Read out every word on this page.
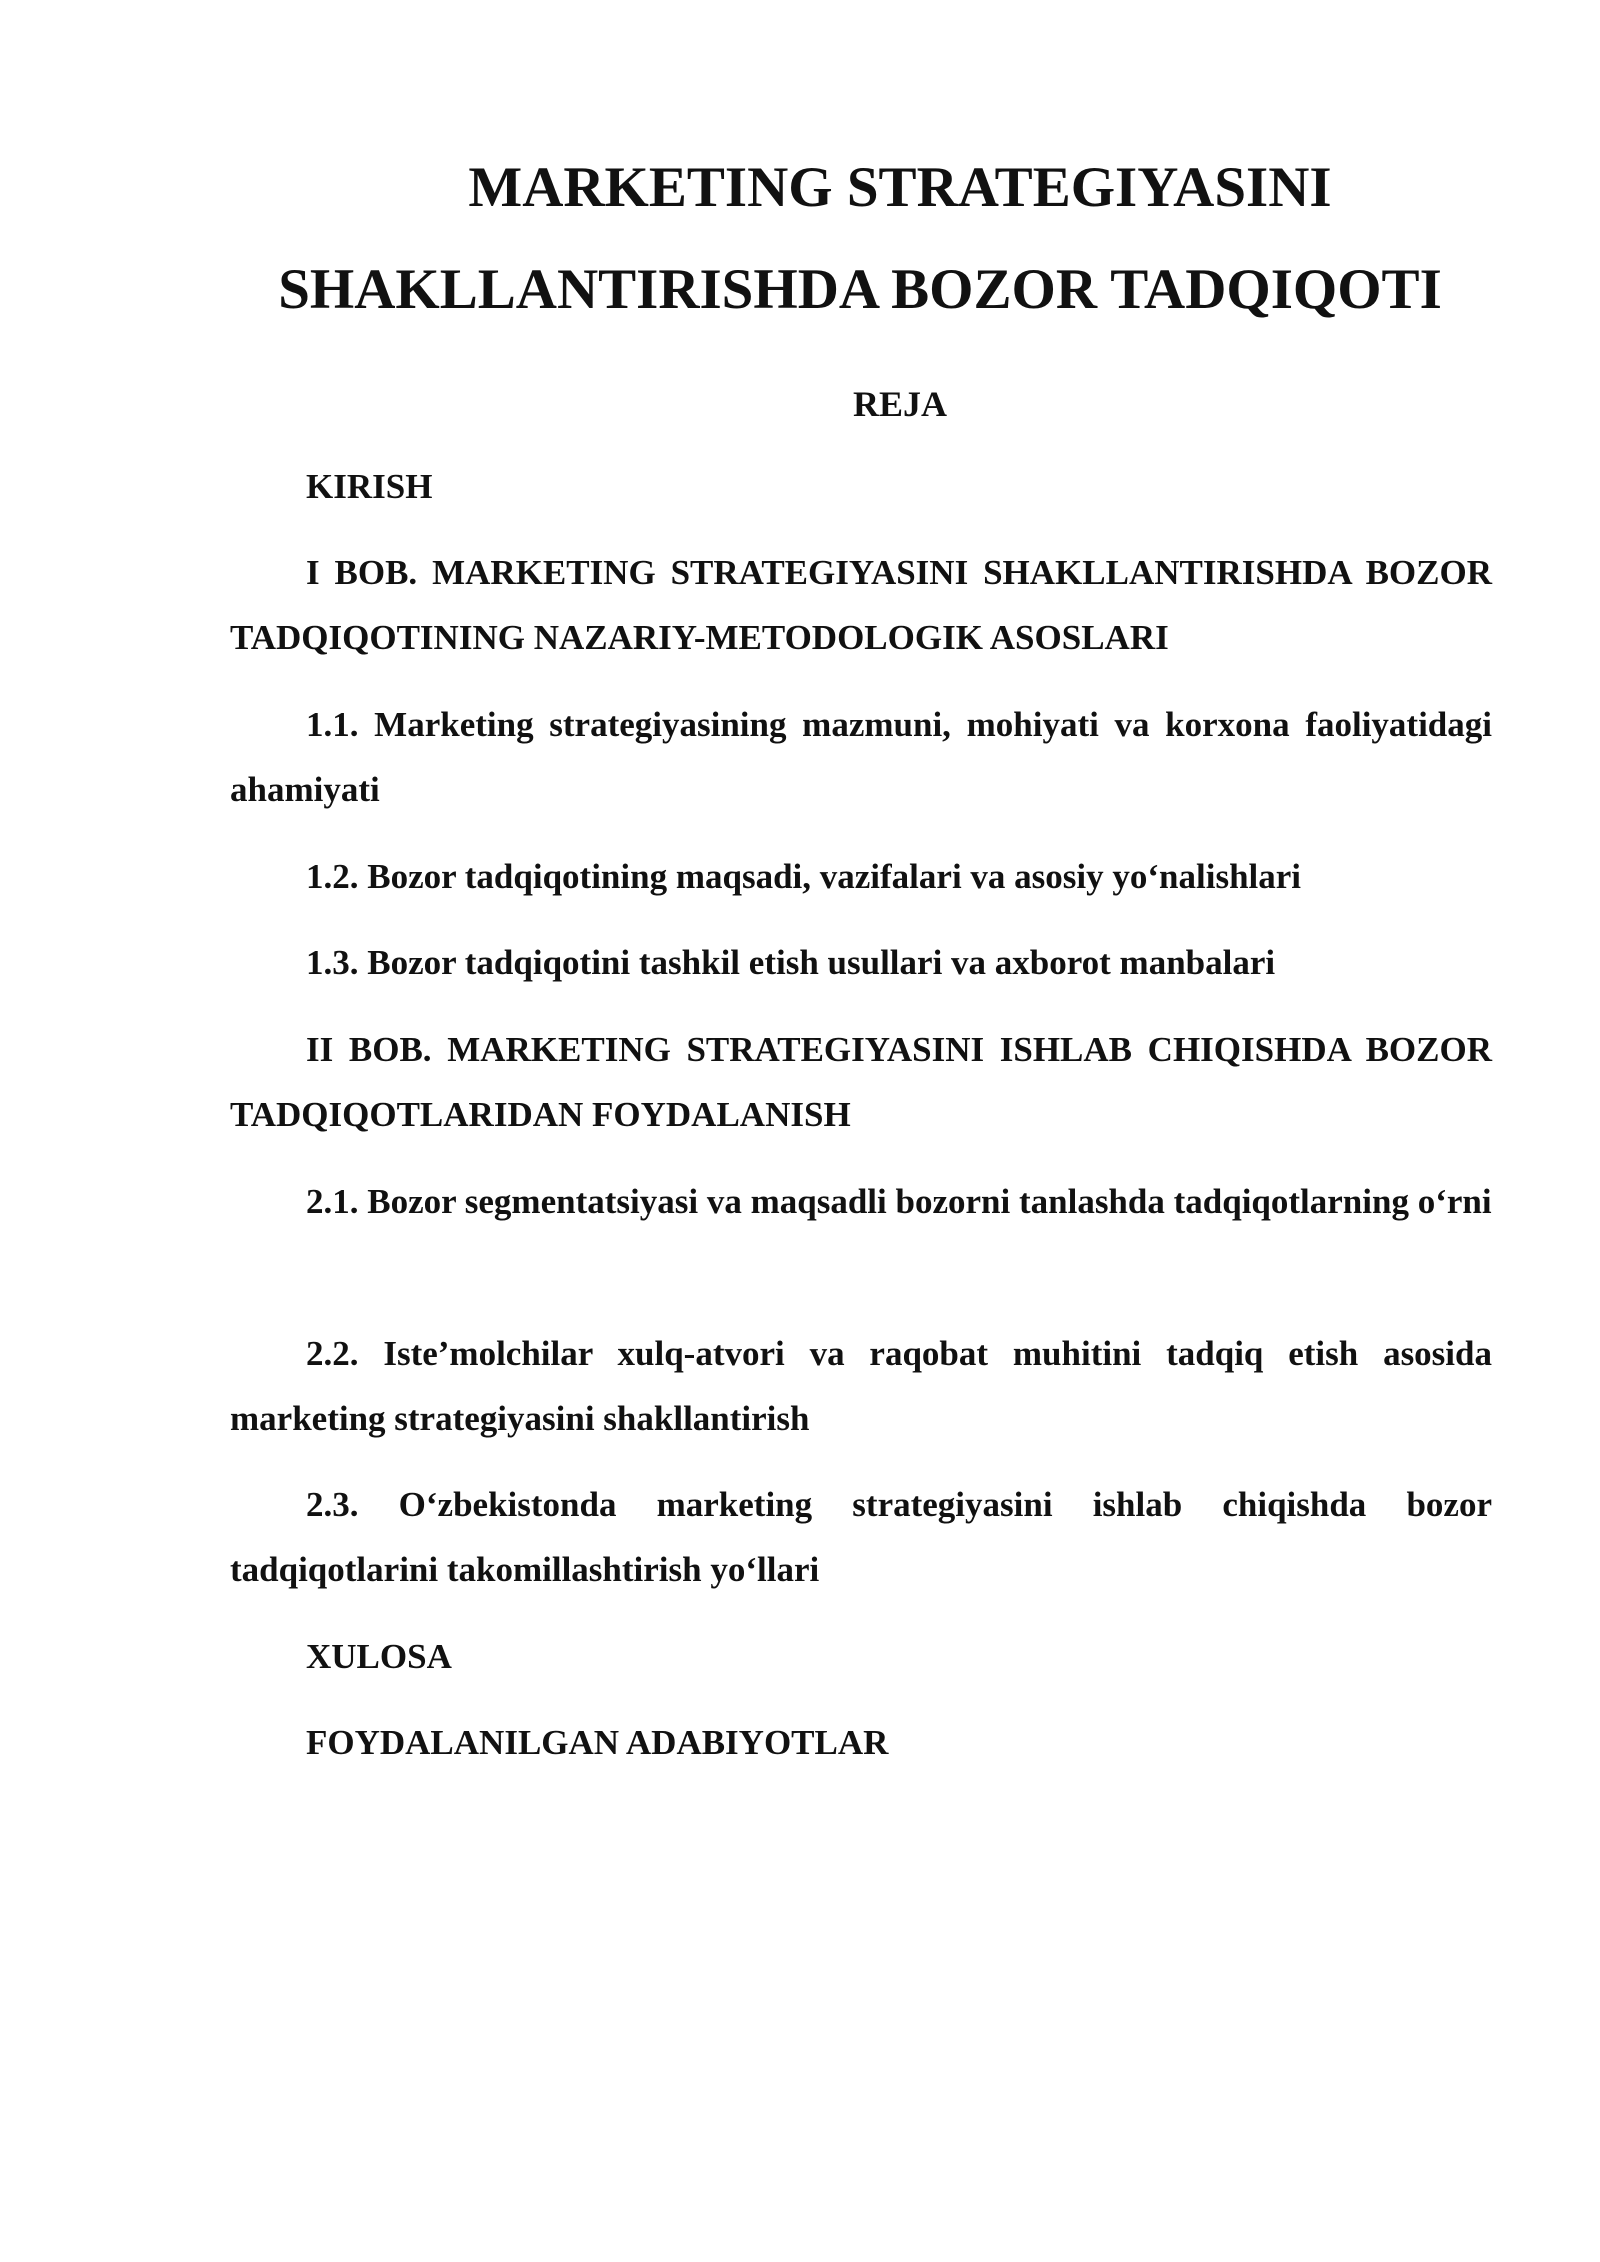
MARKETING STRATEGIYASINI
SHAKLLANTIRISHDA BOZOR TADQIQOTI
REJA
KIRISH
I BOB. MARKETING STRATEGIYASINI SHAKLLANTIRISHDA BOZOR TADQIQOTINING NAZARIY-METODOLOGIK ASOSLARI
1.1. Marketing strategiyasining mazmuni, mohiyati va korxona faoliyatidagi ahamiyati
1.2. Bozor tadqiqotining maqsadi, vazifalari va asosiy yo‘nalishlari
1.3. Bozor tadqiqotini tashkil etish usullari va axborot manbalari
II BOB. MARKETING STRATEGIYASINI ISHLAB CHIQISHDA BOZOR TADQIQOTLARIDAN FOYDALANISH
2.1. Bozor segmentatsiyasi va maqsadli bozorni tanlashda tadqiqotlarning o‘rni
2.2. Iste’molchilar xulq-atvori va raqobat muhitini tadqiq etish asosida marketing strategiyasini shakllantirish
2.3. O‘zbekistonda marketing strategiyasini ishlab chiqishda bozor tadqiqotlarini takomillashtirish yo‘llari
XULOSA
FOYDALANILGAN ADABIYOTLAR
